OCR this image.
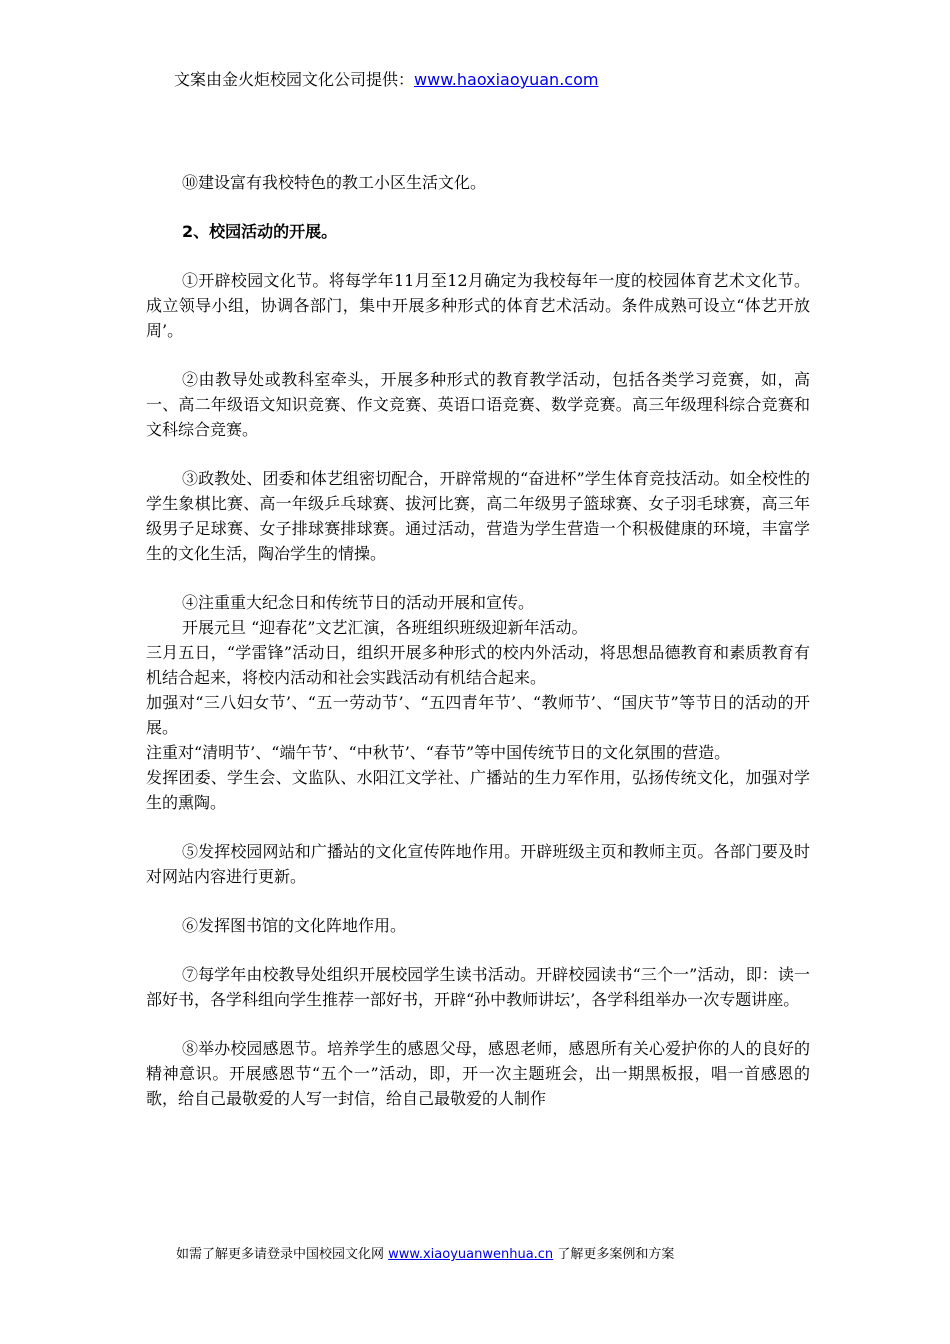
文案由金火炬校园文化公司提供：www.haoxiaoyuan.com

⑩建设富有我校特色的教工小区生活文化。

2、校园活动的开展。

①开辟校园文化节。将每学年11月至12月确定为我校每年一度的校园体育艺术文化节。成立领导小组，协调各部门，集中开展多种形式的体育艺术活动。条件成熟可设立“体艺开放周’。

②由教导处或教科室牵头，开展多种形式的教育教学活动，包括各类学习竞赛，如，高一、高二年级语文知识竞赛、作文竞赛、英语口语竞赛、数学竞赛。高三年级理科综合竞赛和文科综合竞赛。

③政教处、团委和体艺组密切配合，开辟常规的“奋进杯”学生体育竞技活动。如全校性的学生象棋比赛、高一年级乒乓球赛、拔河比赛，高二年级男子篮球赛、女子羽毛球赛，高三年级男子足球赛、女子排球赛排球赛。通过活动，营造为学生营造一个积极健康的环境，丰富学生的文化生活，陶冶学生的情操。

④注重重大纪念日和传统节日的活动开展和宣传。

开展元旦 “迎春花”文艺汇演，各班组织班级迎新年活动。

三月五日，“学雷锋”活动日，组织开展多种形式的校内外活动，将思想品德教育和素质教育有机结合起来，将校内活动和社会实践活动有机结合起来。

加强对“三八妇女节’、“五一劳动节’、“五四青年节’、“教师节’、“国庆节”等节日的活动的开展。

注重对“清明节’、“端午节’、“中秋节’、“春节”等中国传统节日的文化氛围的营造。

发挥团委、学生会、文监队、水阳江文学社、广播站的生力军作用，弘扬传统文化，加强对学生的熏陶。

⑤发挥校园网站和广播站的文化宣传阵地作用。开辟班级主页和教师主页。各部门要及时对网站内容进行更新。

⑥发挥图书馆的文化阵地作用。

⑦每学年由校教导处组织开展校园学生读书活动。开辟校园读书“三个一”活动，即：读一部好书，各学科组向学生推荐一部好书，开辟“孙中教师讲坛’，各学科组举办一次专题讲座。

⑧举办校园感恩节。培养学生的感恩父母，感恩老师，感恩所有关心爱护你的人的良好的精神意识。开展感恩节“五个一”活动，即，开一次主题班会，出一期黑板报，唱一首感恩的歌，给自己最敬爱的人写一封信，给自己最敬爱的人制作

如需了解更多请登录中国校园文化网 www.xiaoyuanwenhua.cn 了解更多案例和方案
